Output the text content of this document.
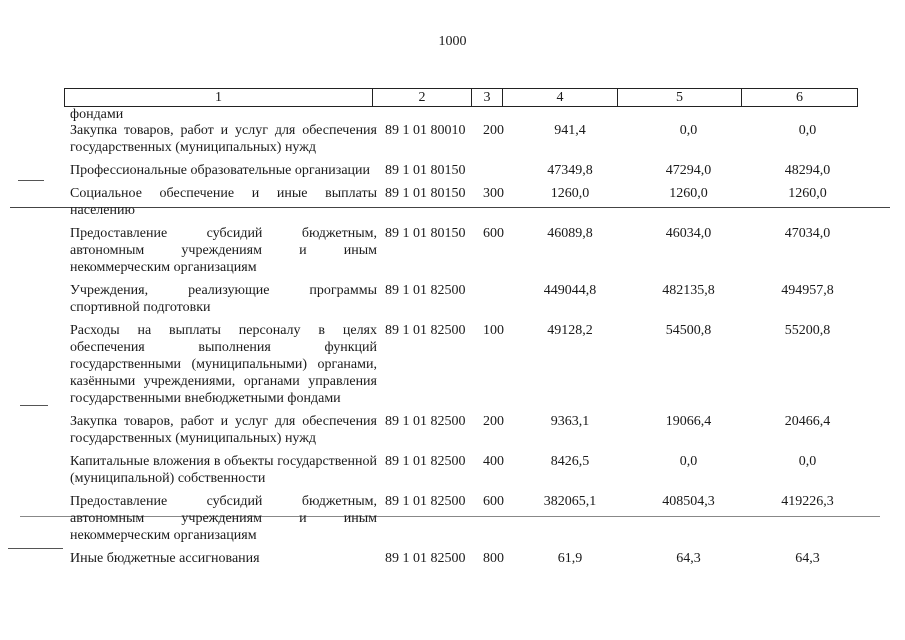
1000
1	2	3	4	5	6
фондами					
Закупка товаров, работ и услуг для обеспечения государственных (муниципальных) нужд	89 1 01 80010	200	941,4	0,0	0,0
Профессиональные образовательные организации	89 1 01 80150		47349,8	47294,0	48294,0
Социальное обеспечение и иные выплаты населению	89 1 01 80150	300	1260,0	1260,0	1260,0
Предоставление субсидий бюджетным, автономным учреждениям и иным некоммерческим организациям	89 1 01 80150	600	46089,8	46034,0	47034,0
Учреждения, реализующие программы спортивной подготовки	89 1 01 82500		449044,8	482135,8	494957,8
Расходы на выплаты персоналу в целях обеспечения выполнения функций государственными (муниципальными) органами, казёнными учреждениями, органами управления государственными внебюджетными фондами	89 1 01 82500	100	49128,2	54500,8	55200,8
Закупка товаров, работ и услуг для обеспечения государственных (муниципальных) нужд	89 1 01 82500	200	9363,1	19066,4	20466,4
Капитальные вложения в объекты государственной (муниципальной) собственности	89 1 01 82500	400	8426,5	0,0	0,0
Предоставление субсидий бюджетным, автономным учреждениям и иным некоммерческим организациям	89 1 01 82500	600	382065,1	408504,3	419226,3
Иные бюджетные ассигнования	89 1 01 82500	800	61,9	64,3	64,3
